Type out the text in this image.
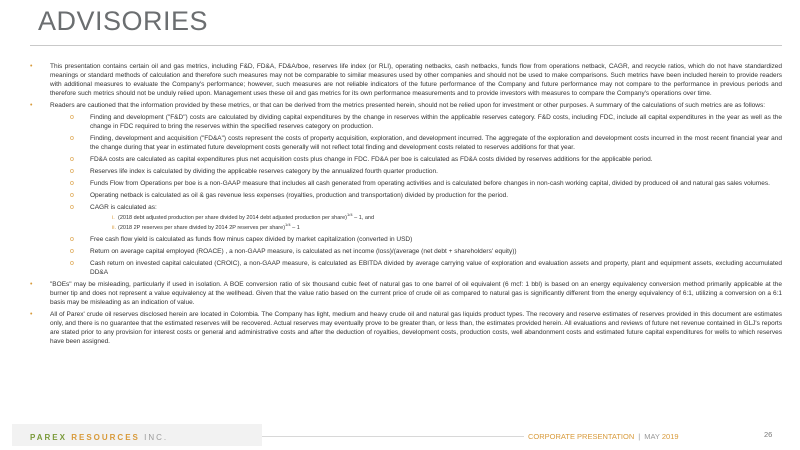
ADVISORIES
•	This presentation contains certain oil and gas metrics, including F&D, FD&A, FD&A/boe, reserves life index (or RLI), operating netbacks, cash netbacks, funds flow from operations netback, CAGR, and recycle ratios, which do not have standardized meanings or standard methods of calculation and therefore such measures may not be comparable to similar measures used by other companies and should not be used to make comparisons. Such metrics have been included herein to provide readers with additional measures to evaluate the Company's performance; however, such measures are not reliable indicators of the future performance of the Company and future performance may not compare to the performance in previous periods and therefore such metrics should not be unduly relied upon. Management uses these oil and gas metrics for its own performance measurements and to provide investors with measures to compare the Company's operations over time.
•	Readers are cautioned that the information provided by these metrics, or that can be derived from the metrics presented herein, should not be relied upon for investment or other purposes. A summary of the calculations of such metrics are as follows:
o Finding and development ("F&D") costs are calculated by dividing capital expenditures by the change in reserves within the applicable reserves category. F&D costs, including FDC, include all capital expenditures in the year as well as the change in FDC required to bring the reserves within the specified reserves category on production.
o Finding, development and acquisition ("FD&A") costs represent the costs of property acquisition, exploration, and development incurred. The aggregate of the exploration and development costs incurred in the most recent financial year and the change during that year in estimated future development costs generally will not reflect total finding and development costs related to reserves additions for that year.
o FD&A costs are calculated as capital expenditures plus net acquisition costs plus change in FDC. FD&A per boe is calculated as FD&A costs divided by reserves additions for the applicable period.
o Reserves life index is calculated by dividing the applicable reserves category by the annualized fourth quarter production.
o Funds Flow from Operations per boe is a non-GAAP measure that includes all cash generated from operating activities and is calculated before changes in non-cash working capital, divided by produced oil and natural gas sales volumes.
o Operating netback is calculated as oil & gas revenue less expenses (royalties, production and transportation) divided by production for the period.
o CAGR is calculated as:
i. (2018 debt adjusted production per share divided by 2014 debt adjusted production per share)$^{1/4}$ – 1, and
ii. (2018 2P reserves per share divided by 2014 2P reserves per share)$^{1/4}$ – 1
o Free cash flow yield is calculated as funds flow minus capex divided by market capitalization (converted in USD)
o Return on average capital employed (ROACE) , a non-GAAP measure, is calculated as net income (loss)/(average (net debt + shareholders' equity))
o Cash return on invested capital calculated (CROIC), a non-GAAP measure, is calculated as EBITDA divided by average carrying value of exploration and evaluation assets and property, plant and equipment assets, excluding accumulated DD&A
•	"BOEs" may be misleading, particularly if used in isolation. A BOE conversion ratio of six thousand cubic feet of natural gas to one barrel of oil equivalent (6 mcf: 1 bbl) is based on an energy equivalency conversion method primarily applicable at the burner tip and does not represent a value equivalency at the wellhead. Given that the value ratio based on the current price of crude oil as compared to natural gas is significantly different from the energy equivalency of 6:1, utilizing a conversion on a 6:1 basis may be misleading as an indication of value.
•	All of Parex' crude oil reserves disclosed herein are located in Colombia. The Company has light, medium and heavy crude oil and natural gas liquids product types. The recovery and reserve estimates of reserves provided in this document are estimates only, and there is no guarantee that the estimated reserves will be recovered. Actual reserves may eventually prove to be greater than, or less than, the estimates provided herein. All evaluations and reviews of future net revenue contained in GLJ's reports are stated prior to any provision for interest costs or general and administrative costs and after the deduction of royalties, development costs, production costs, well abandonment costs and estimated future capital expenditures for wells to which reserves have been assigned.
PAREX RESOURCES INC.	CORPORATE PRESENTATION | MAY 2019	26
